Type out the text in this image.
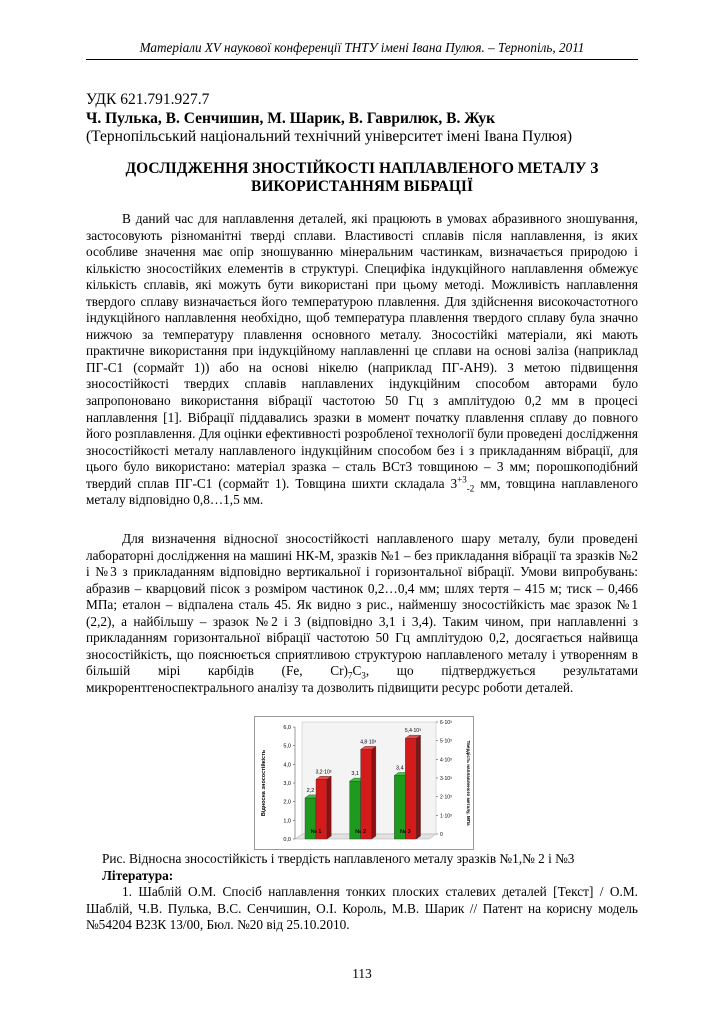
Матеріали XV наукової конференції ТНТУ імені Івана Пулюя. – Тернопіль, 2011
УДК 621.791.927.7
Ч. Пулька, В. Сенчишин, М. Шарик, В. Гаврилюк, В. Жук
(Тернопільський національний технічний університет імені Івана Пулюя)
ДОСЛІДЖЕННЯ ЗНОСТІЙКОСТІ НАПЛАВЛЕНОГО МЕТАЛУ З
ВИКОРИСТАННЯМ ВІБРАЦІЇ

В даний час для наплавлення деталей, які працюють в умовах абразивного зношування, застосовують різноманітні тверді сплави. Властивості сплавів після наплавлення, із яких особливе значення має опір зношуванню мінеральним частинкам, визначається природою і кількістю зносостійких елементів в структурі. Специфіка індукційного наплавлення обмежує кількість сплавів, які можуть бути використані при цьому методі. Можливість наплавлення твердого сплаву визначається його температурою плавлення. Для здійснення високочастотного індукційного наплавлення необхідно, щоб температура плавлення твердого сплаву була значно нижчою за температуру плавлення основного металу. Зносостійкі матеріали, які мають практичне використання при індукційному наплавленні це сплави на основі заліза (наприклад ПГ-С1 (сормайт 1)) або на основі нікелю (наприклад ПГ-АН9). З метою підвищення зносостійкості твердих сплавів наплавлених індукційним способом авторами було запропоновано використання вібрації частотою 50 Гц з амплітудою 0,2 мм в процесі наплавлення [1]. Вібрації піддавались зразки в момент початку плавлення сплаву до повного його розплавлення. Для оцінки ефективності розробленої технології були проведені дослідження зносостійкості металу наплавленого індукційним способом без і з прикладанням вібрації, для цього було використано: матеріал зразка – сталь ВСт3 товщиною – 3 мм; порошкоподібний твердий сплав ПГ-С1 (сормайт 1). Товщина шихти складала $3^{+3}_{-2}$ мм, товщина наплавленого металу відповідно 0,8…1,5 мм.

Для визначення відносної зносостійкості наплавленого шару металу, були проведені лабораторні дослідження на машині НК-М, зразків №1 – без прикладання вібрації та зразків №2 і №3 з прикладанням відповідно вертикальної і горизонтальної вібрації. Умови випробувань: абразив – кварцовий пісок з розміром частинок 0,2…0,4 мм; шлях тертя – 415 м; тиск – 0,466 МПа; еталон – відпалена сталь 45. Як видно з рис., найменшу зносостійкість має зразок №1 (2,2), а найбільшу – зразок №2 і 3 (відповідно 3,1 і 3,4). Таким чином, при наплавленні з прикладанням горизонтальної вібрації частотою 50 Гц амплітудою 0,2, досягається найвища зносостійкість, що пояснюється сприятливою структурою наплавленого металу і утворенням в більшій мірі карбідів (Fe, $Cr)_7C_3$, що підтверджується результатами микрорентгеноспектрального аналізу та дозволить підвищити ресурс роботи деталей.

0,0
1,0
2,0
3,0
4,0
5,0
6,0
0
1·10³
2·10³
3·10³
4·10³
5·10³
6·10³
Відносна зносостійкість	Твердість наплавленого металу, МПа
2,2
3,2·10³
№ 1
3,1
4,8·10³
№ 2
3,4
5,4·10³
№ 3
Рис. Відносна зносостійкість і твердість наплавленого металу зразків №1,№ 2 і №3
Література:
1. Шаблій О.М. Спосіб наплавлення тонких плоских сталевих деталей [Текст] / О.М. Шаблій, Ч.В. Пулька, В.С. Сенчишин, О.І. Король, М.В. Шарик // Патент на корисну модель №54204 В23К 13/00, Бюл. №20 від 25.10.2010.
113
